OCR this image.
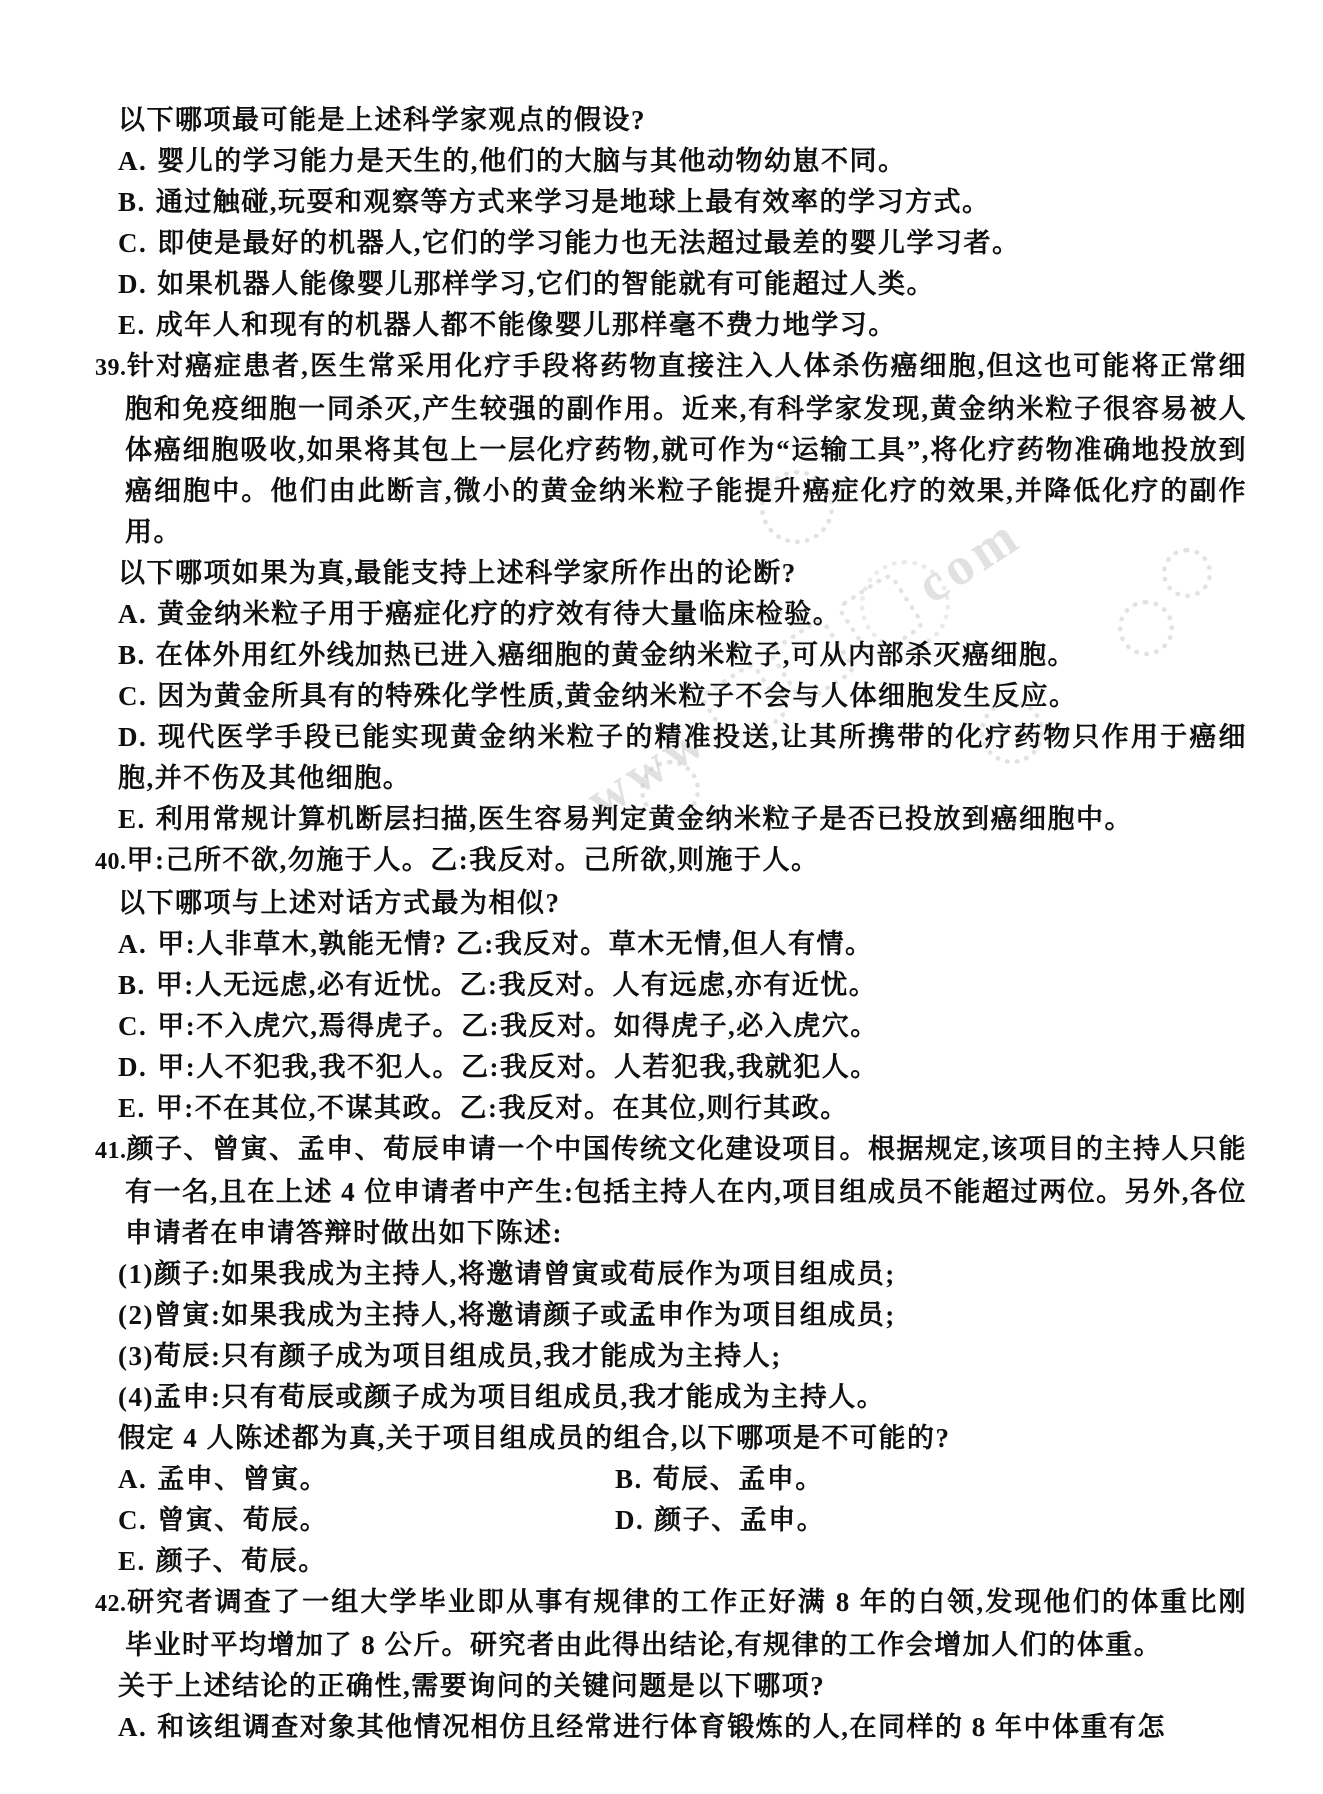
www
com

以下哪项最可能是上述科学家观点的假设?

A. 婴儿的学习能力是天生的,他们的大脑与其他动物幼崽不同。

B. 通过触碰,玩耍和观察等方式来学习是地球上最有效率的学习方式。

C. 即使是最好的机器人,它们的学习能力也无法超过最差的婴儿学习者。

D. 如果机器人能像婴儿那样学习,它们的智能就有可能超过人类。

E. 成年人和现有的机器人都不能像婴儿那样毫不费力地学习。

39.针对癌症患者,医生常采用化疗手段将药物直接注入人体杀伤癌细胞,但这也可能将正常细胞和免疫细胞一同杀灭,产生较强的副作用。近来,有科学家发现,黄金纳米粒子很容易被人体癌细胞吸收,如果将其包上一层化疗药物,就可作为“运输工具”,将化疗药物准确地投放到癌细胞中。他们由此断言,微小的黄金纳米粒子能提升癌症化疗的效果,并降低化疗的副作用。

以下哪项如果为真,最能支持上述科学家所作出的论断?

A. 黄金纳米粒子用于癌症化疗的疗效有待大量临床检验。

B. 在体外用红外线加热已进入癌细胞的黄金纳米粒子,可从内部杀灭癌细胞。

C. 因为黄金所具有的特殊化学性质,黄金纳米粒子不会与人体细胞发生反应。

D. 现代医学手段已能实现黄金纳米粒子的精准投送,让其所携带的化疗药物只作用于癌细胞,并不伤及其他细胞。

E. 利用常规计算机断层扫描,医生容易判定黄金纳米粒子是否已投放到癌细胞中。

40.甲:己所不欲,勿施于人。乙:我反对。己所欲,则施于人。

以下哪项与上述对话方式最为相似?

A. 甲:人非草木,孰能无情? 乙:我反对。草木无情,但人有情。

B. 甲:人无远虑,必有近忧。乙:我反对。人有远虑,亦有近忧。

C. 甲:不入虎穴,焉得虎子。乙:我反对。如得虎子,必入虎穴。

D. 甲:人不犯我,我不犯人。乙:我反对。人若犯我,我就犯人。

E. 甲:不在其位,不谋其政。乙:我反对。在其位,则行其政。

41.颜子、曾寅、孟申、荀辰申请一个中国传统文化建设项目。根据规定,该项目的主持人只能有一名,且在上述 4 位申请者中产生:包括主持人在内,项目组成员不能超过两位。另外,各位申请者在申请答辩时做出如下陈述:

(1)颜子:如果我成为主持人,将邀请曾寅或荀辰作为项目组成员;

(2)曾寅:如果我成为主持人,将邀请颜子或孟申作为项目组成员;

(3)荀辰:只有颜子成为项目组成员,我才能成为主持人;

(4)孟申:只有荀辰或颜子成为项目组成员,我才能成为主持人。

假定 4 人陈述都为真,关于项目组成员的组合,以下哪项是不可能的?

A. 孟申、曾寅。	B. 荀辰、孟申。

C. 曾寅、荀辰。	D. 颜子、孟申。

E. 颜子、荀辰。

42.研究者调查了一组大学毕业即从事有规律的工作正好满 8 年的白领,发现他们的体重比刚毕业时平均增加了 8 公斤。研究者由此得出结论,有规律的工作会增加人们的体重。

关于上述结论的正确性,需要询问的关键问题是以下哪项?

A. 和该组调查对象其他情况相仿且经常进行体育锻炼的人,在同样的 8 年中体重有怎
